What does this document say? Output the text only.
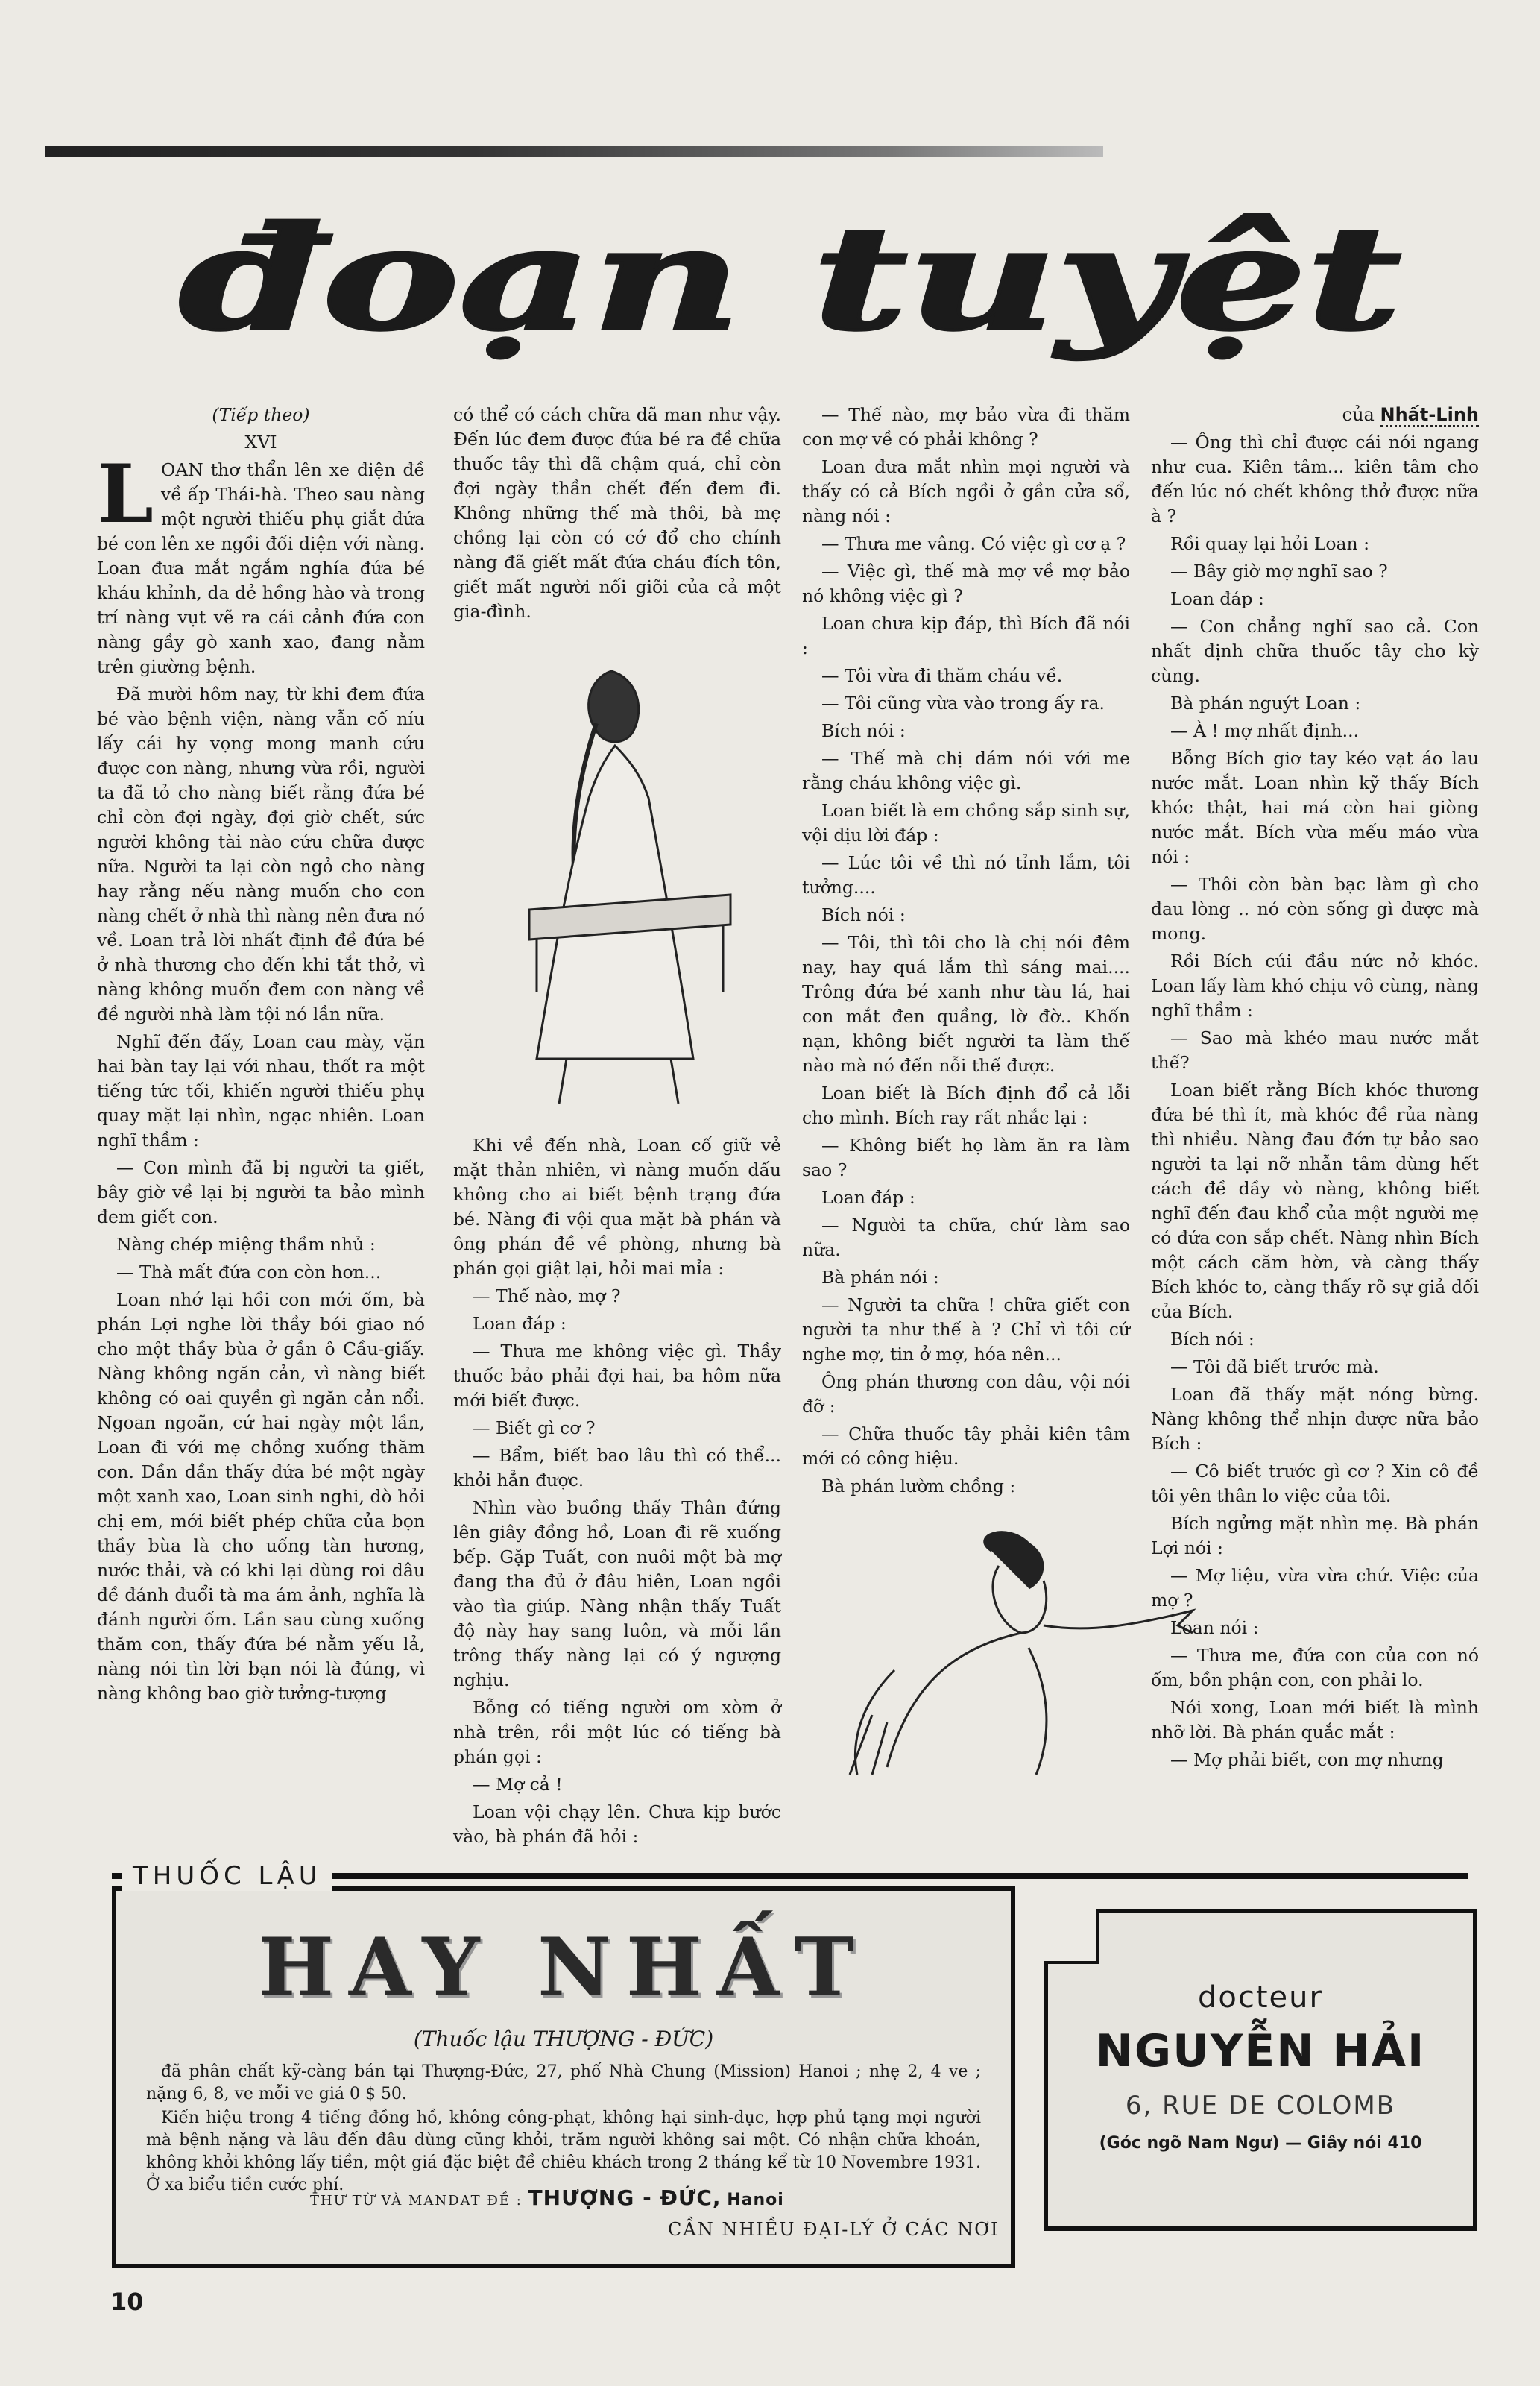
đoạn tuyệt

(Tiếp theo)

XVI

LOAN thơ thẩn lên xe điện đề về ấp Thái-hà. Theo sau nàng một người thiếu phụ giắt đứa bé con lên xe ngồi đối diện với nàng. Loan đưa mắt ngắm nghía đứa bé kháu khỉnh, da dẻ hồng hào và trong trí nàng vụt vẽ ra cái cảnh đứa con nàng gầy gò xanh xao, đang nằm trên giường bệnh.

Đã mười hôm nay, từ khi đem đứa bé vào bệnh viện, nàng vẫn cố níu lấy cái hy vọng mong manh cứu được con nàng, nhưng vừa rồi, người ta đã tỏ cho nàng biết rằng đứa bé chỉ còn đợi ngày, đợi giờ chết, sức người không tài nào cứu chữa được nữa. Người ta lại còn ngỏ cho nàng hay rằng nếu nàng muốn cho con nàng chết ở nhà thì nàng nên đưa nó về. Loan trả lời nhất định đề đứa bé ở nhà thương cho đến khi tắt thở, vì nàng không muốn đem con nàng về đề người nhà làm tội nó lần nữa.

Nghĩ đến đấy, Loan cau mày, vặn hai bàn tay lại với nhau, thốt ra một tiếng tức tối, khiến người thiếu phụ quay mặt lại nhìn, ngạc nhiên. Loan nghĩ thầm :

— Con mình đã bị người ta giết, bây giờ về lại bị người ta bảo mình đem giết con.

Nàng chép miệng thầm nhủ :

— Thà mất đứa con còn hơn...

Loan nhớ lại hồi con mới ốm, bà phán Lợi nghe lời thầy bói giao nó cho một thầy bùa ở gần ô Cầu-giấy. Nàng không ngăn cản, vì nàng biết không có oai quyền gì ngăn cản nổi. Ngoan ngoãn, cứ hai ngày một lần, Loan đi với mẹ chồng xuống thăm con. Dần dần thấy đứa bé một ngày một xanh xao, Loan sinh nghi, dò hỏi chị em, mới biết phép chữa của bọn thầy bùa là cho uống tàn hương, nước thải, và có khi lại dùng roi dâu đề đánh đuổi tà ma ám ảnh, nghĩa là đánh người ốm. Lần sau cùng xuống thăm con, thấy đứa bé nằm yếu lả, nàng nói tìn lời bạn nói là đúng, vì nàng không bao giờ tưởng-tượng

có thể có cách chữa dã man như vậy. Đến lúc đem được đứa bé ra đề chữa thuốc tây thì đã chậm quá, chỉ còn đợi ngày thần chết đến đem đi. Không những thế mà thôi, bà mẹ chồng lại còn có cớ đổ cho chính nàng đã giết mất đứa cháu đích tôn, giết mất người nối giõi của cả một gia-đình.

Khi về đến nhà, Loan cố giữ vẻ mặt thản nhiên, vì nàng muốn dấu không cho ai biết bệnh trạng đứa bé. Nàng đi vội qua mặt bà phán và ông phán đề về phòng, nhưng bà phán gọi giật lại, hỏi mai mỉa :

— Thế nào, mợ ?

Loan đáp :

— Thưa me không việc gì. Thầy thuốc bảo phải đợi hai, ba hôm nữa mới biết được.

— Biết gì cơ ?

— Bẩm, biết bao lâu thì có thể... khỏi hẳn được.

Nhìn vào buồng thấy Thân đứng lên giây đồng hồ, Loan đi rẽ xuống bếp. Gặp Tuất, con nuôi một bà mợ đang tha đủ ở đâu hiên, Loan ngồi vào tìa giúp. Nàng nhận thấy Tuất độ này hay sang luôn, và mỗi lần trông thấy nàng lại có ý ngượng nghịu.

Bỗng có tiếng người om xòm ở nhà trên, rồi một lúc có tiếng bà phán gọi :

— Mợ cả !

Loan vội chạy lên. Chưa kịp bước vào, bà phán đã hỏi :

— Thế nào, mợ bảo vừa đi thăm con mợ về có phải không ?

Loan đưa mắt nhìn mọi người và thấy có cả Bích ngồi ở gần cửa sổ, nàng nói :

— Thưa me vâng. Có việc gì cơ ạ ?

— Việc gì, thế mà mợ về mợ bảo nó không việc gì ?

Loan chưa kịp đáp, thì Bích đã nói :

— Tôi vừa đi thăm cháu về.

— Tôi cũng vừa vào trong ấy ra.

Bích nói :

— Thế mà chị dám nói với me rằng cháu không việc gì.

Loan biết là em chồng sắp sinh sự, vội dịu lời đáp :

— Lúc tôi về thì nó tỉnh lắm, tôi tưởng....

Bích nói :

— Tôi, thì tôi cho là chị nói đêm nay, hay quá lắm thì sáng mai.... Trông đứa bé xanh như tàu lá, hai con mắt đen quầng, lờ đờ.. Khốn nạn, không biết người ta làm thế nào mà nó đến nỗi thế được.

Loan biết là Bích định đổ cả lỗi cho mình. Bích ray rất nhắc lại :

— Không biết họ làm ăn ra làm sao ?

Loan đáp :

— Người ta chữa, chứ làm sao nữa.

Bà phán nói :

— Người ta chữa ! chữa giết con người ta như thế à ? Chỉ vì tôi cứ nghe mợ, tin ở mợ, hóa nên...

Ông phán thương con dâu, vội nói đỡ :

— Chữa thuốc tây phải kiên tâm mới có công hiệu.

Bà phán lườm chồng :

của Nhất-Linh

— Ông thì chỉ được cái nói ngang như cua. Kiên tâm... kiên tâm cho đến lúc nó chết không thở được nữa à ?

Rồi quay lại hỏi Loan :

— Bây giờ mợ nghĩ sao ?

Loan đáp :

— Con chẳng nghĩ sao cả. Con nhất định chữa thuốc tây cho kỳ cùng.

Bà phán nguýt Loan :

— À ! mợ nhất định...

Bỗng Bích giơ tay kéo vạt áo lau nước mắt. Loan nhìn kỹ thấy Bích khóc thật, hai má còn hai giòng nước mắt. Bích vừa mếu máo vừa nói :

— Thôi còn bàn bạc làm gì cho đau lòng .. nó còn sống gì được mà mong.

Rồi Bích cúi đầu nức nở khóc. Loan lấy làm khó chịu vô cùng, nàng nghĩ thầm :

— Sao mà khéo mau nước mắt thế?

Loan biết rằng Bích khóc thương đứa bé thì ít, mà khóc đề rủa nàng thì nhiều. Nàng đau đớn tự bảo sao người ta lại nỡ nhẫn tâm dùng hết cách đề dầy vò nàng, không biết nghĩ đến đau khổ của một người mẹ có đứa con sắp chết. Nàng nhìn Bích một cách căm hờn, và càng thấy Bích khóc to, càng thấy rõ sự giả dối của Bích.

Bích nói :

— Tôi đã biết trước mà.

Loan đã thấy mặt nóng bừng. Nàng không thể nhịn được nữa bảo Bích :

— Cô biết trước gì cơ ? Xin cô đề tôi yên thân lo việc của tôi.

Bích ngửng mặt nhìn mẹ. Bà phán Lợi nói :

— Mợ liệu, vừa vừa chứ. Việc của mợ ?

Loan nói :

— Thưa me, đứa con của con nó ốm, bồn phận con, con phải lo.

Nói xong, Loan mới biết là mình nhỡ lời. Bà phán quắc mắt :

— Mợ phải biết, con mợ nhưng

THUỐC LẬU
HAY NHẤT
(Thuốc lậu THƯỢNG - ĐỨC)

đã phân chất kỹ-càng bán tại Thượng-Đức, 27, phố Nhà Chung (Mission) Hanoi ; nhẹ 2, 4 ve ; nặng 6, 8, ve mỗi ve giá 0 $ 50.

Kiến hiệu trong 4 tiếng đồng hồ, không công-phạt, không hại sinh-dục, hợp phủ tạng mọi người mà bệnh nặng và lâu đến đâu dùng cũng khỏi, trăm người không sai một. Có nhận chữa khoán, không khỏi không lấy tiền, một giá đặc biệt đề chiêu khách trong 2 tháng kể từ 10 Novembre 1931. Ở xa biểu tiền cước phí.

THƯ TỪ VÀ MANDAT ĐỀ : THƯỢNG - ĐỨC, Hanoi
CẦN NHIỀU ĐẠI-LÝ Ở CÁC NƠI
docteur
NGUYỄN HẢI
6, RUE DE COLOMB
(Góc ngõ Nam Ngư) — Giây nói 410
10
